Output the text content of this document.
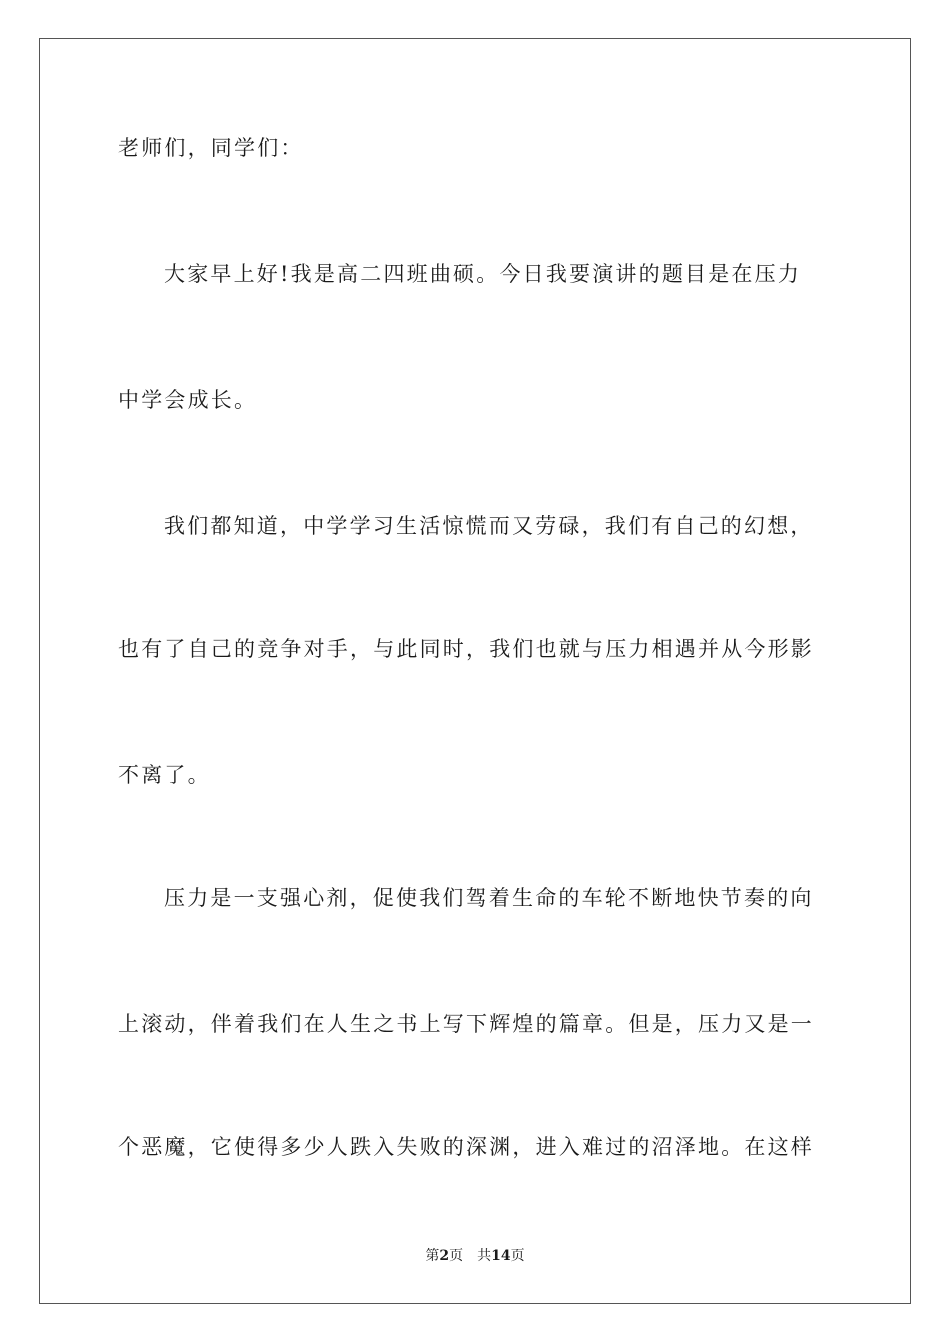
老师们，同学们：
大家早上好!我是高二四班曲硕。今日我要演讲的题目是在压力
中学会成长。
我们都知道，中学学习生活惊慌而又劳碌，我们有自己的幻想，
也有了自己的竞争对手，与此同时，我们也就与压力相遇并从今形影
不离了。
压力是一支强心剂，促使我们驾着生命的车轮不断地快节奏的向
上滚动，伴着我们在人生之书上写下辉煌的篇章。但是，压力又是一
个恶魔，它使得多少人跌入失败的深渊，进入难过的沼泽地。在这样
第2页 共14页
